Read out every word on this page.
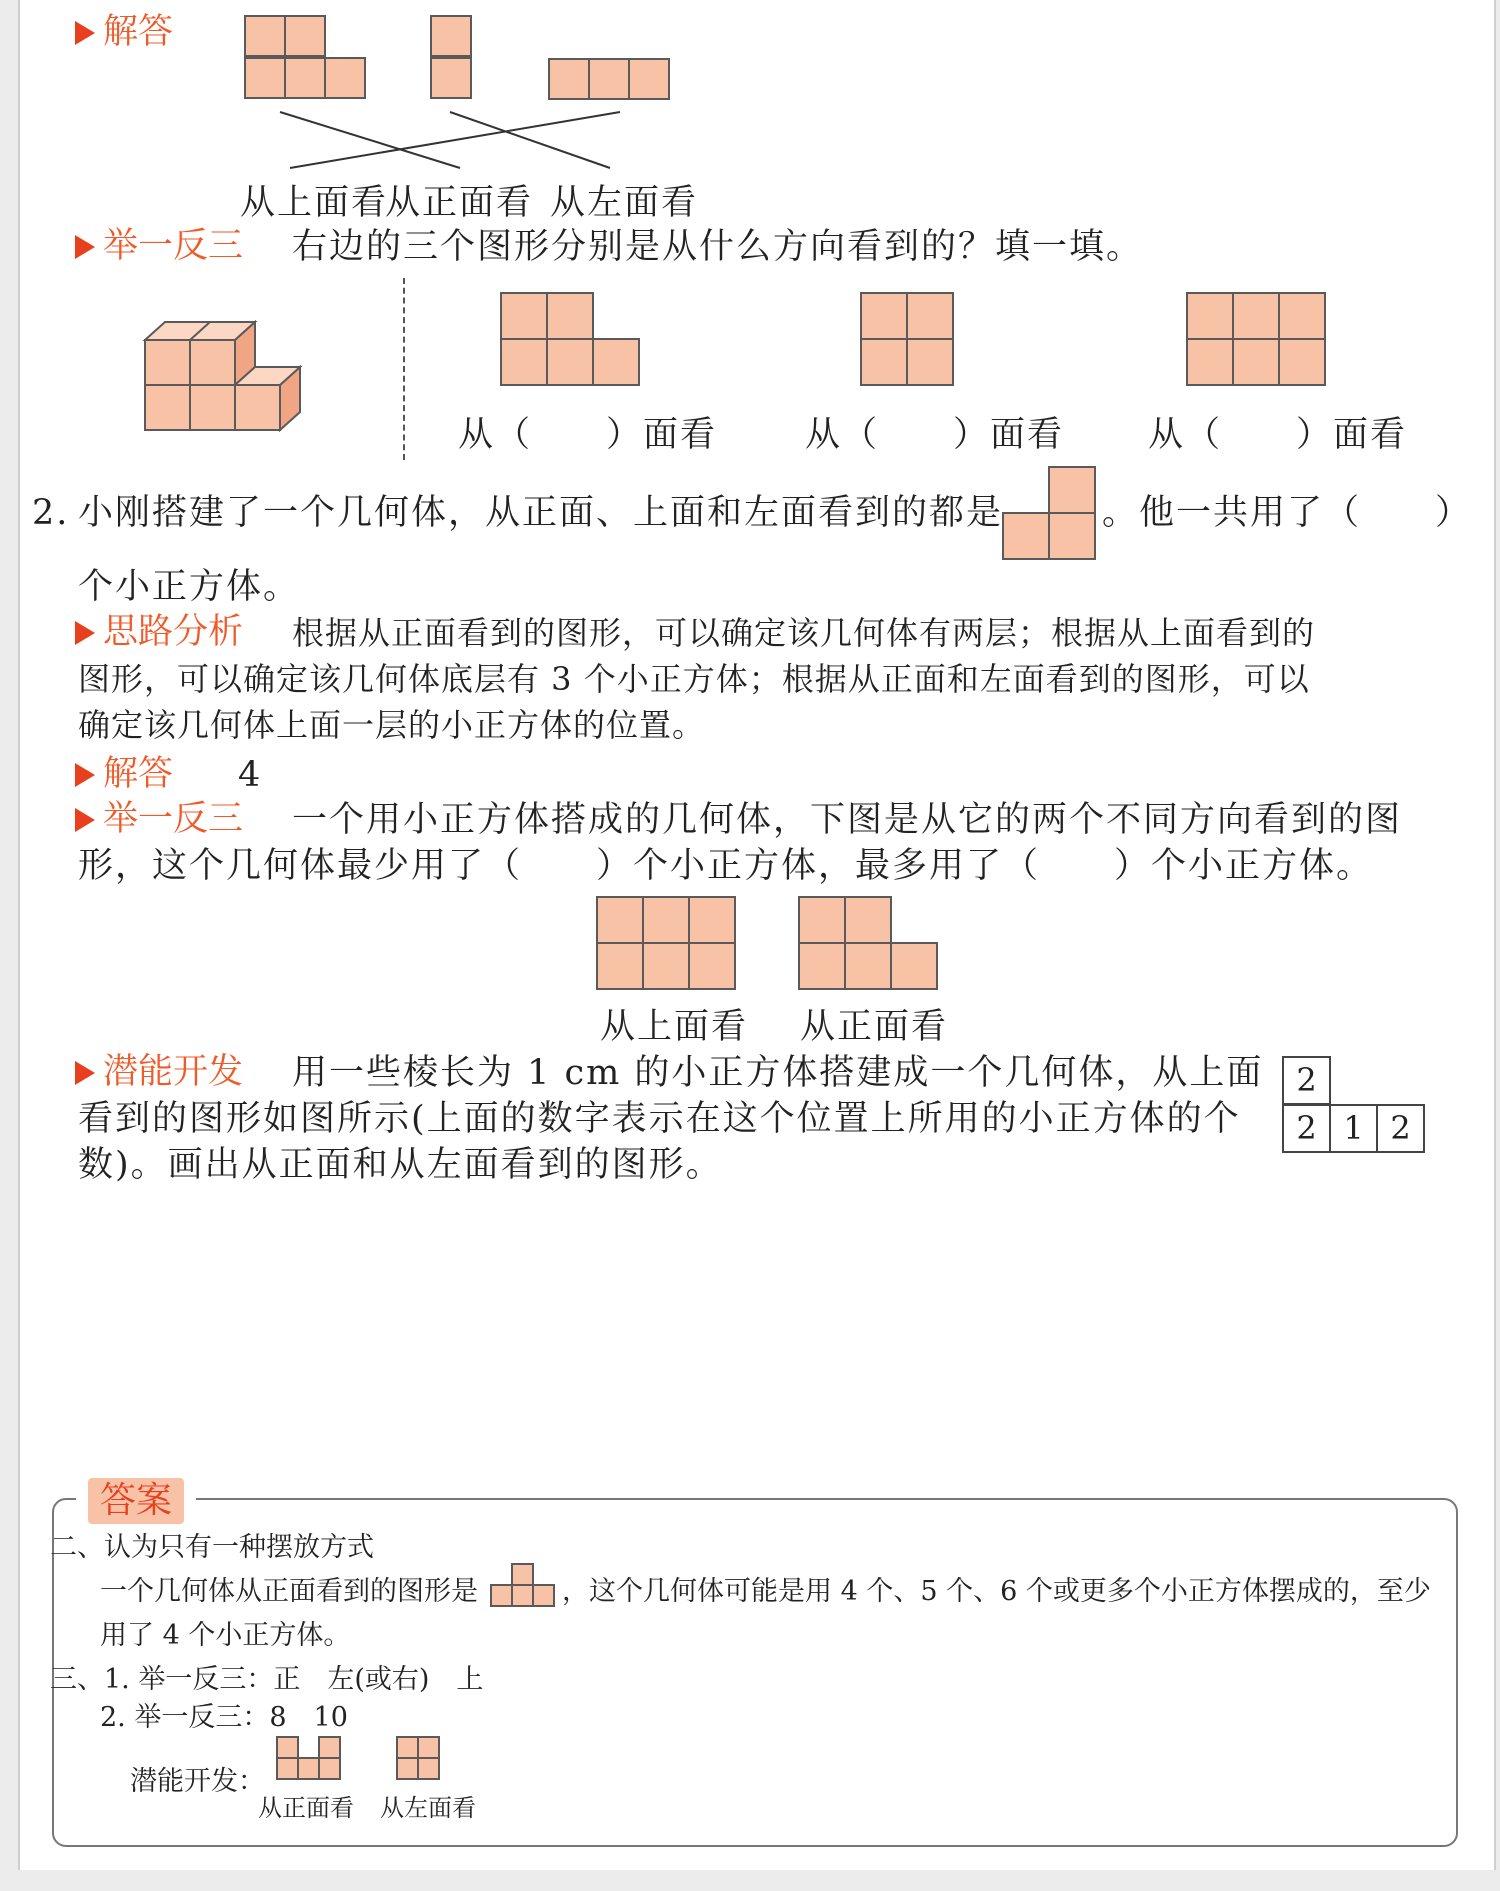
解答
从上面看
从正面看 从左面看
举一反三 右边的三个图形分别是从什么方向看到的？填一填。
从（　　）面看	从（　　）面看 从（　　）面看
2. 小刚搭建了一个几何体，从正面、上面和左面看到的都是	。他一共用了（　　）
个小正方体。
思路分析 根据从正面看到的图形，可以确定该几何体有两层；根据从上面看到的
图形，可以确定该几何体底层有 3 个小正方体；根据从正面和左面看到的图形，可以
确定该几何体上面一层的小正方体的位置。
解答 4
举一反三 一个用小正方体搭成的几何体，下图是从它的两个不同方向看到的图
形，这个几何体最少用了（　　）个小正方体，最多用了（　　）个小正方体。
从上面看 从正面看
潜能开发 用一些棱长为 1 cm 的小正方体搭建成一个几何体，从上面
看到的图形如图所示(上面的数字表示在这个位置上所用的小正方体的个
数)。画出从正面和从左面看到的图形。
2
2 1 2
答案
二、认为只有一种摆放方式
一个几何体从正面看到的图形是	，这个几何体可能是用 4 个、5 个、6 个或更多个小正方体摆成的，至少
用了 4 个小正方体。
三、1. 举一反三：正　左(或右)　上
2. 举一反三：8　10
潜能开发：
从正面看 从左面看
